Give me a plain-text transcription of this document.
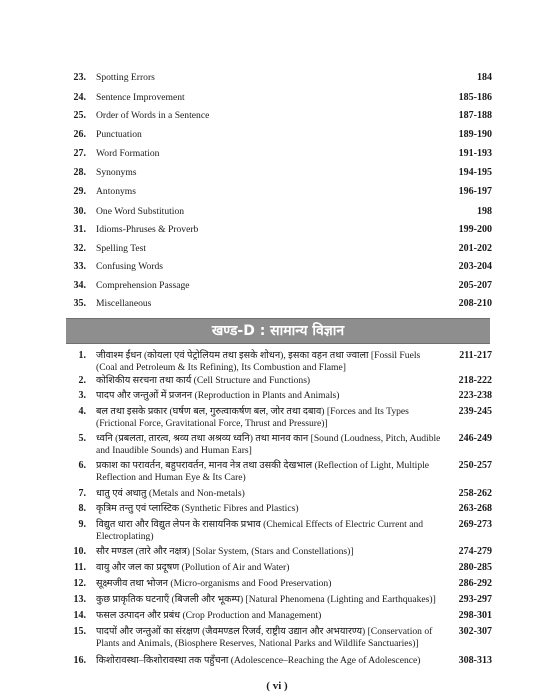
23. Spotting Errors	184
24. Sentence Improvement	185-186
25. Order of Words in a Sentence	187-188
26. Punctuation	189-190
27. Word Formation	191-193
28. Synonyms	194-195
29. Antonyms	196-197
30. One Word Substitution	198
31. Idioms-Phruses & Proverb	199-200
32. Spelling Test	201-202
33. Confusing Words	203-204
34. Comprehension Passage	205-207
35. Miscellaneous	208-210
खण्ड-D : सामान्य विज्ञान
1. जीवाश्म ईंधन (कोयला एवं पेट्रोलियम तथा इसके शोधन), इसका वहन तथा ज्वाला [Fossil Fuels (Coal and Petroleum & Its Refining), Its Combustion and Flame]
211-217
2. कोशिकीय सरचना तथा कार्य (Cell Structure and Functions)	218-222
3. पादप और जन्तुओं में प्रजनन (Reproduction in Plants and Animals)	223-238
4. बल तथा इसके प्रकार (घर्षण बल, गुरुत्वाकर्षण बल, जोर तथा दबाव) [Forces and Its Types (Frictional Force, Gravitational Force, Thrust and Pressure)]
239-245
5. ध्वनि (प्रबलता, तारत्व, श्रव्य तथा अश्रव्य ध्वनि) तथा मानव कान [Sound (Loudness, Pitch, Audible and Inaudible Sounds) and Human Ears]
246-249
6. प्रकाश का परावर्तन, बहुपरावर्तन, मानव नेत्र तथा उसकी देखभाल (Reflection of Light, Multiple Reflection and Human Eye & Its Care)
250-257
7. धातु एवं अधातु (Metals and Non-metals)	258-262
8. कृत्रिम तन्तु एवं प्लास्टिक (Synthetic Fibres and Plastics)	263-268
9. विद्युत धारा और विद्युत लेपन के रासायनिक प्रभाव (Chemical Effects of Electric Current and Electroplating)
269-273
10. सौर मण्डल (तारे और नक्षत्र) [Solar System, (Stars and Constellations)]	274-279
11. वायु और जल का प्रदूषण (Pollution of Air and Water)	280-285
12. सूक्ष्मजीव तथा भोजन (Micro-organisms and Food Preservation)	286-292
13. कुछ प्राकृतिक घटनाएँ (बिजली और भूकम्प) [Natural Phenomena (Lighting and Earthquakes)]	293-297
14. फसल उत्पादन और प्रबंध (Crop Production and Management)	298-301
15. पादपों और जन्तुओं का संरक्षण (जैवमण्डल रिजर्व, राष्ट्रीय उद्यान और अभयारण्य) [Conservation of Plants and Animals, (Biosphere Reserves, National Parks and Wildlife Sanctuaries)]
302-307
16. किशोरावस्था–किशोरावस्था तक पहुँचना (Adolescence–Reaching the Age of Adolescence)	308-313
( vi )
